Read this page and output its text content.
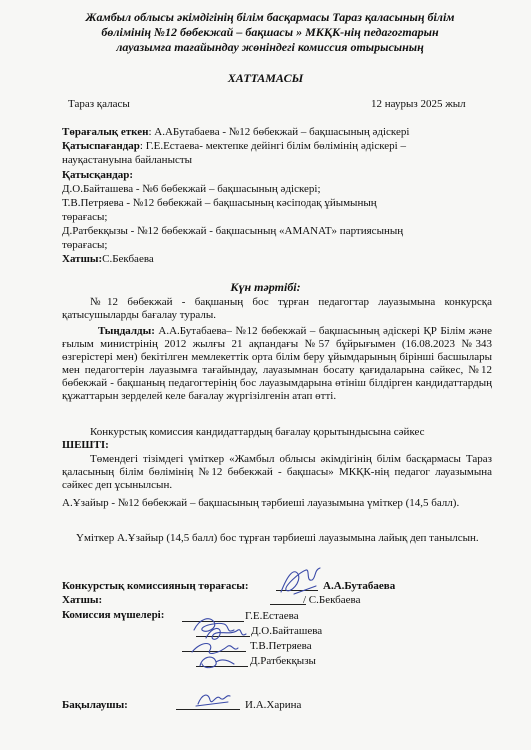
Жамбыл облысы әкімдігінің білім басқармасы Тараз қаласының білім
бөлімінің №12 бөбекжай – бақшасы » МКҚК-нің педагогтарын
лауазымға тағайындау жөніндегі комиссия отырысының
ХАТТАМАСЫ
Тараз қаласы	12 наурыз 2025 жыл
Төрағалық еткен: А.АБутабаева - №12 бөбекжай – бақшасының әдіскері
Қатыспағандар: Г.Е.Естаева- мектепке дейінгі білім бөлімінің әдіскері –
науқастануына байланысты
Қатысқандар:
Д.О.Байташева - №6 бөбекжай – бақшасының әдіскері;
Т.В.Петряева - №12 бөбекжай – бақшасының кәсіподақ ұйымының
төрағасы;
Д.Ратбекқызы - №12 бөбекжай - бақшасының «AMANAT» партиясының
төрағасы;
Хатшы:С.Бекбаева
Күн тәртібі:
№12 бөбекжай - бақшаның бос тұрған педагогтар лауазымына конкурсқа қатысушыларды бағалау туралы.
Тыңдалды: А.А.Бутабаева– №12 бөбекжай – бақшасының әдіскері ҚР Білім және ғылым министрінің 2012 жылғы 21 ақпандағы №57 бұйрығымен (16.08.2023 №343 өзгерістері мен) бекітілген мемлекеттік орта білім беру ұйымдарының бірінші басшылары мен педагогтерін лауазымға тағайындау, лауазымнан босату қағидаларына сәйкес, №12 бөбекжай - бақшаның педагогтерінің бос лауазымдарына өтініш білдірген кандидаттардың құжаттарын зерделей келе бағалау жүргізілгенін атап өтті.
Конкурстық комиссия кандидаттардың бағалау қорытындысына сәйкес
ШЕШТІ:
Төмендегі тізімдегі үміткер «Жамбыл облысы әкімдігінің білім басқармасы Тараз қаласының білім бөлімінің №12 бөбекжай - бақшасы» МКҚК-нің педагог лауазымына сәйкес деп ұсынылсын.
А.Ұзайыр - №12 бөбекжай – бақшасының тәрбиеші лауазымына үміткер (14,5 балл).
Үміткер А.Ұзайыр (14,5 балл) бос тұрған тәрбиеші лауазымына лайық деп танылсын.
Конкурстық комиссияның төрағасы:	А.А.Бутабаева
Хатшы:	/ С.Бекбаева
Комиссия мүшелері:	Г.Е.Естаева
Д.О.Байташева
Т.В.Петряева
Д.Ратбекқызы
Бақылаушы:	И.А.Харина
